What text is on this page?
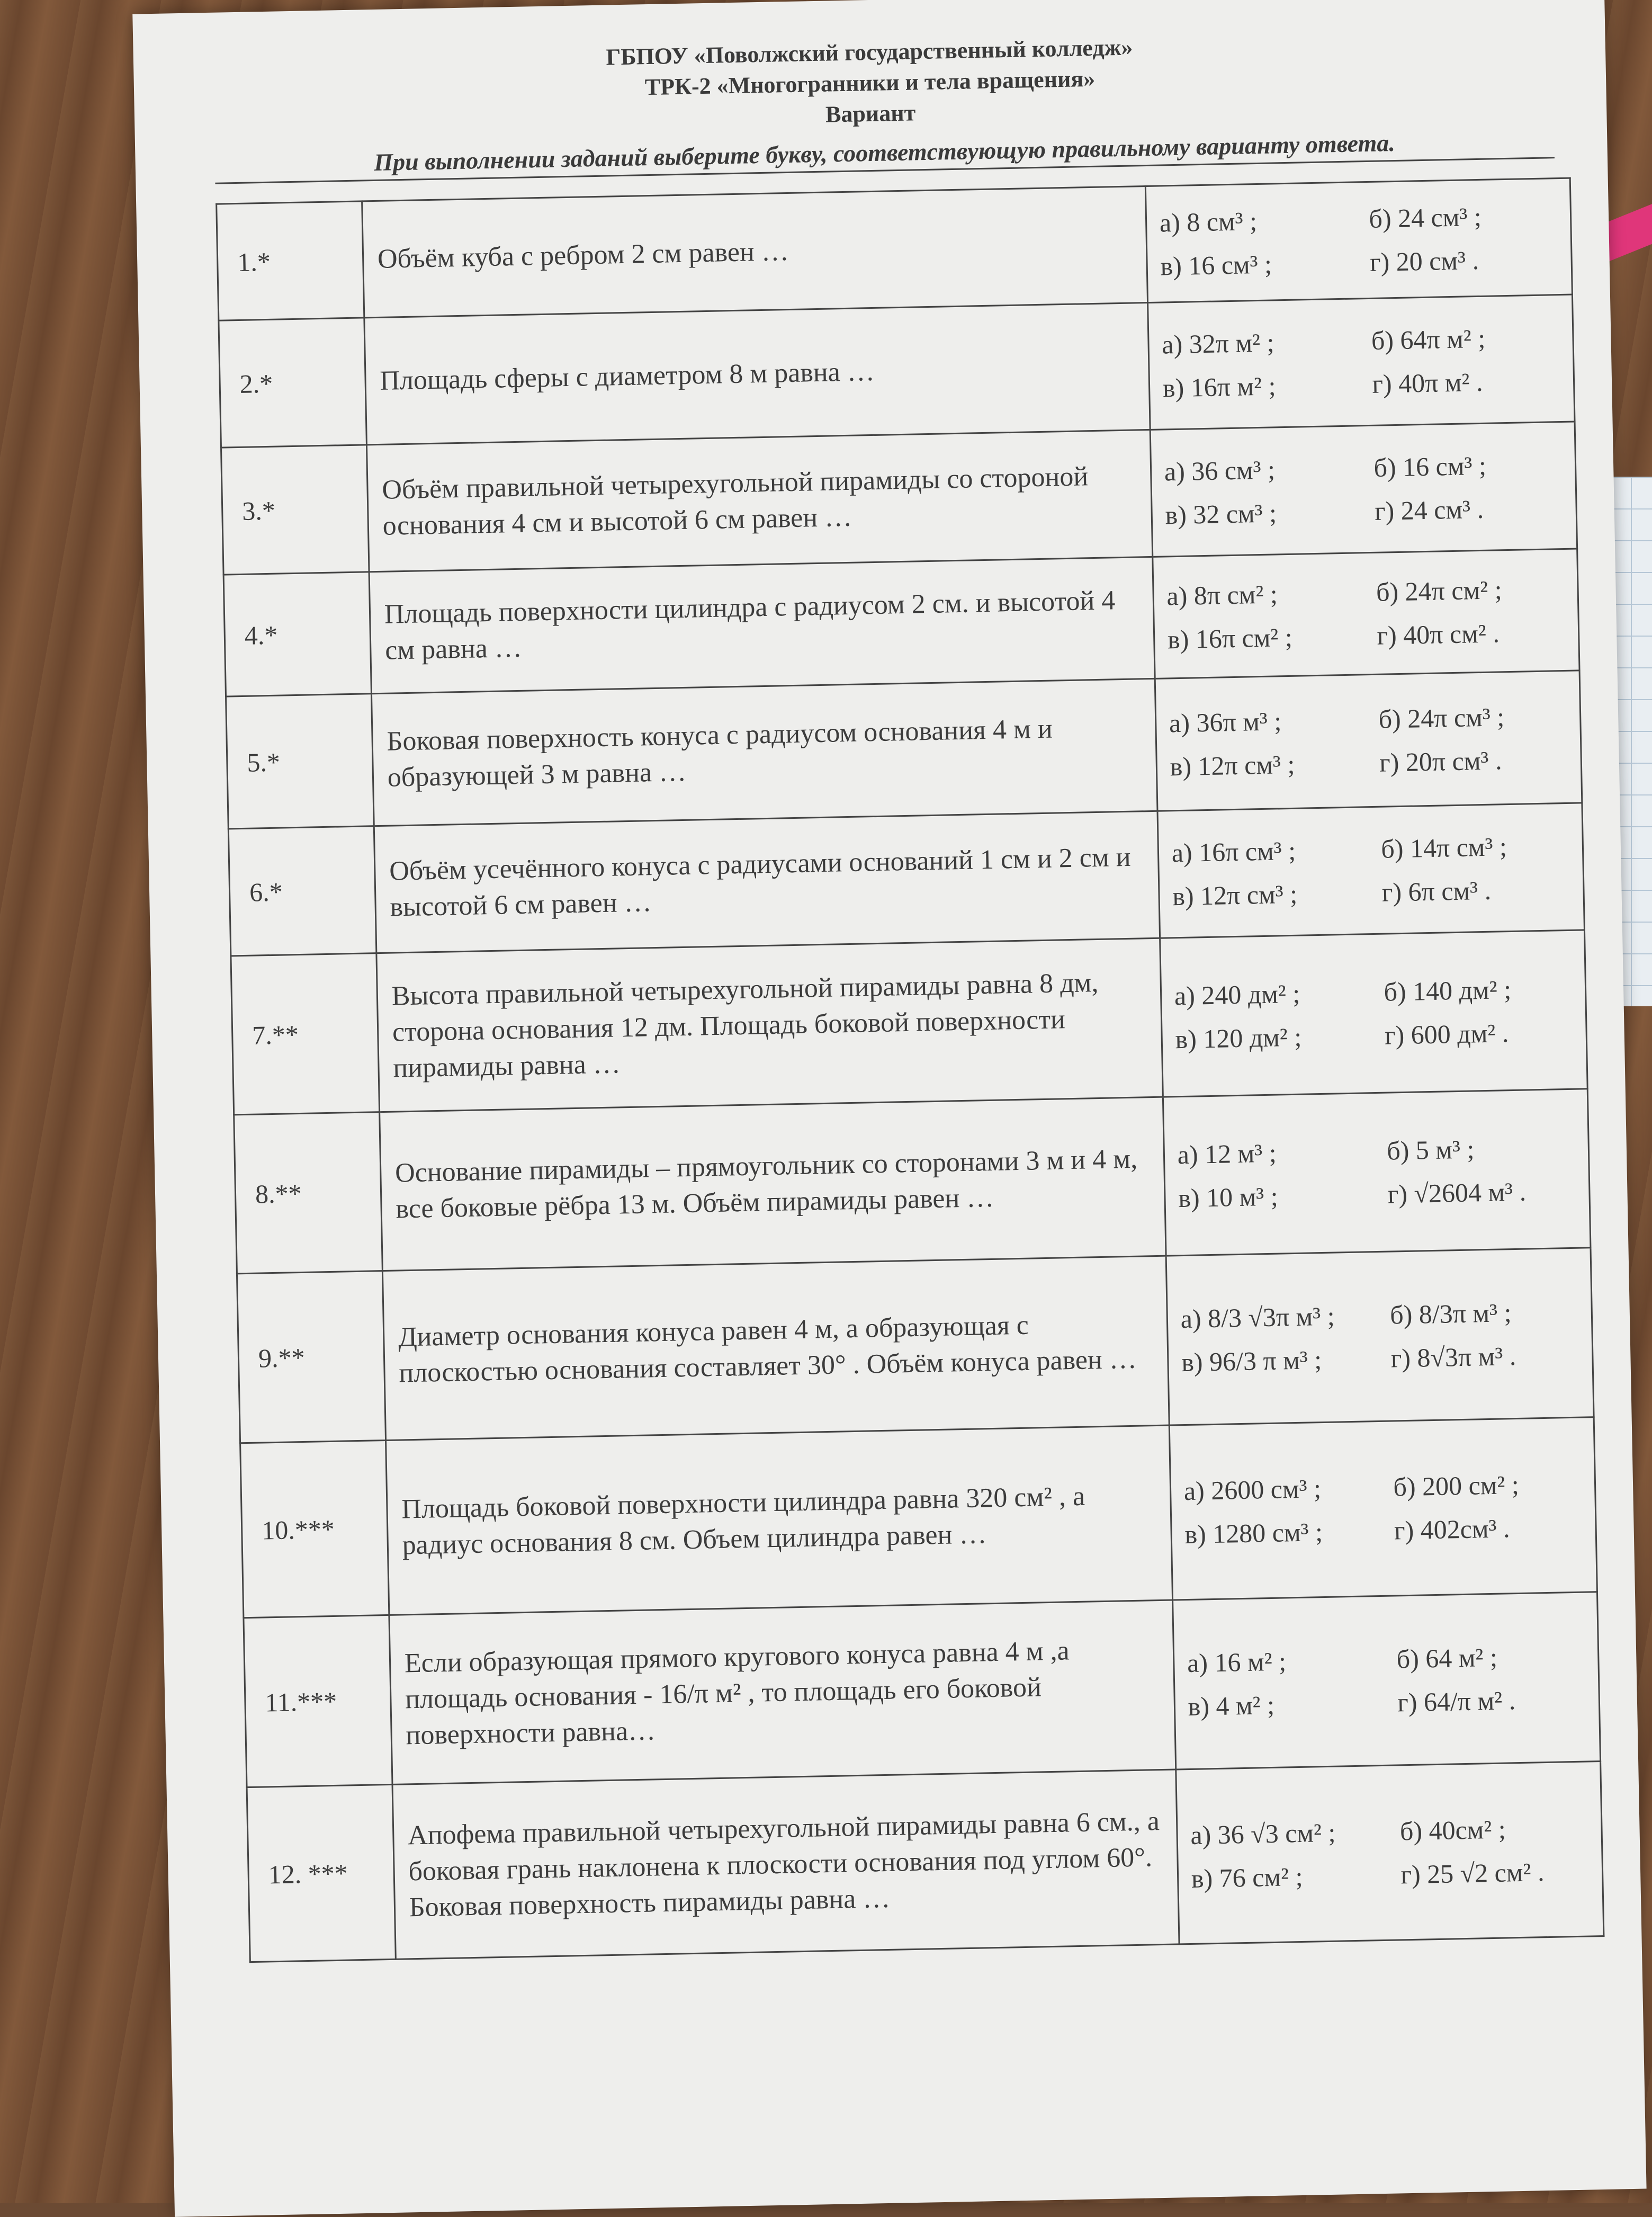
ГБПОУ «Поволжский государственный колледж»
ТРК-2 «Многогранники и тела вращения»
Вариант
При выполнении заданий выберите букву, соответствующую правильному варианту ответа.
1.*	Объём куба с ребром 2 см равен …	а) 8 см³ ; б) 24 см³ ;
в) 16 см³ ; г) 20 см³ .

2.*	Площадь сферы с диаметром 8 м равна …	а) 32π м² ; б) 64π м² ;
в) 16π м² ; г) 40π м² .

3.*	Объём правильной четырехугольной пирамиды со стороной основания 4 см и высотой 6 см равен …	а) 36 см³ ; б) 16 см³ ;
в) 32 см³ ; г) 24 см³ .

4.*	Площадь поверхности цилиндра с радиусом 2 см. и высотой 4 см равна …	а) 8π см² ; б) 24π см² ;
в) 16π см² ; г) 40π см² .

5.*	Боковая поверхность конуса с радиусом основания 4 м и образующей 3 м равна …	а) 36π м³ ; б) 24π см³ ;
в) 12π см³ ; г) 20π см³ .

6.*	Объём усечённого конуса с радиусами оснований 1 см и 2 см и высотой 6 см равен …	а) 16π см³ ; б) 14π см³ ;
в) 12π см³ ; г) 6π см³ .

7.**	Высота правильной четырехугольной пирамиды равна 8 дм, сторона основания 12 дм. Площадь боковой поверхности пирамиды равна …	а) 240 дм² ; б) 140 дм² ;
в) 120 дм² ; г) 600 дм² .

8.**	Основание пирамиды – прямоугольник со сторонами 3 м и 4 м, все боковые рёбра 13 м. Объём пирамиды равен …	а) 12 м³ ; б) 5 м³ ;
в) 10 м³ ; г) √2604 м³ .

9.**	Диаметр основания конуса равен 4 м, а образующая с плоскостью основания составляет 30° . Объём конуса равен …	а) 8/3 √3π м³ ; б) 8/3π м³ ;
в) 96/3 π м³ ; г) 8√3π м³ .

10.***	Площадь боковой поверхности цилиндра равна 320 см² , а радиус основания 8 см. Объем цилиндра равен …	а) 2600 см³ ; б) 200 см² ;
в) 1280 см³ ; г) 402см³ .

11.***	Если образующая прямого кругового конуса равна 4 м ,а площадь основания - 16/π м² , то площадь его боковой поверхности равна…	а) 16 м² ; б) 64 м² ;
в) 4 м² ; г) 64/π м² .

12. ***	Апофема правильной четырехугольной пирамиды равна 6 см., а боковая грань наклонена к плоскости основания под углом 60°. Боковая поверхность пирамиды равна …	а) 36 √3 см² ; б) 40см² ;
в) 76 см² ; г) 25 √2 см² .
